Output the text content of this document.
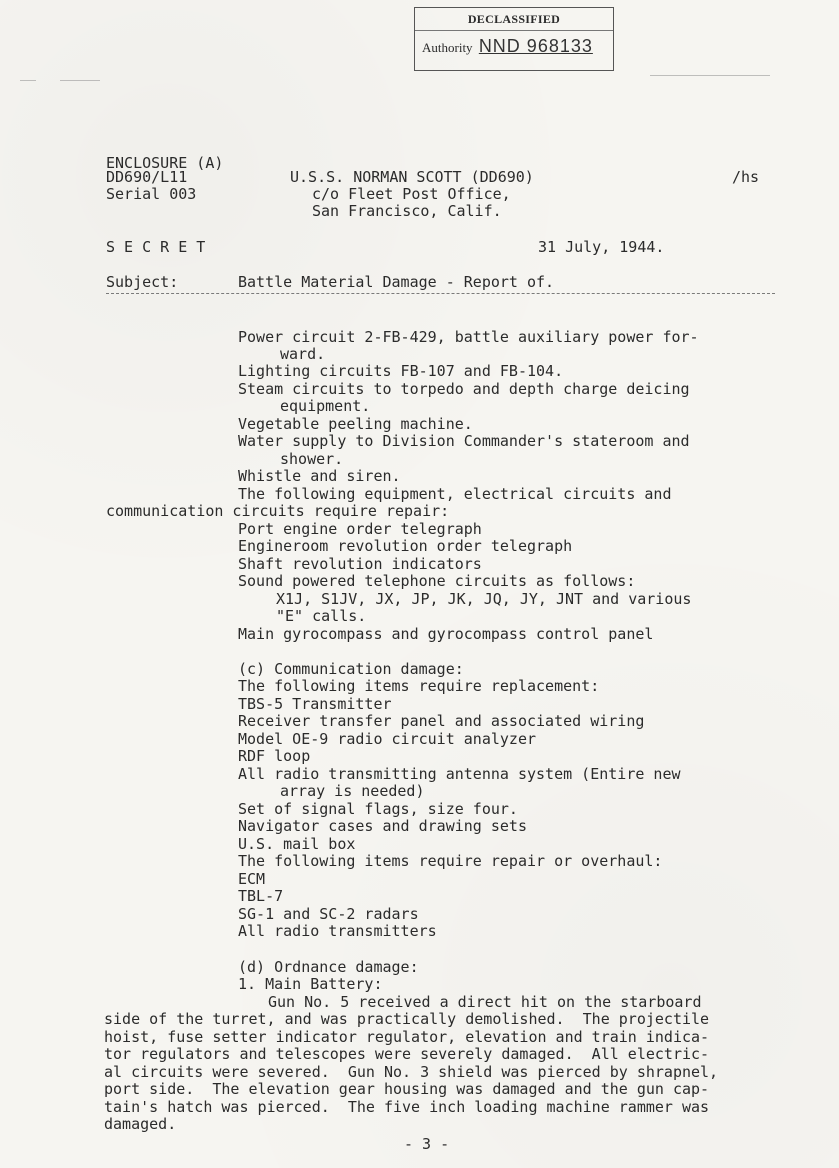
DECLASSIFIED
Authority NND 968133
ENCLOSURE (A)
DD690/L11
Serial 003
U.S.S. NORMAN SCOTT (DD690)
c/o Fleet Post Office,
San Francisco, Calif.
/hs
S E C R E T	31 July, 1944.
Subject:	Battle Material Damage - Report of.
Power circuit 2-FB-429, battle auxiliary power for-
ward.
Lighting circuits FB-107 and FB-104.
Steam circuits to torpedo and depth charge deicing
equipment.
Vegetable peeling machine.
Water supply to Division Commander's stateroom and
shower.
Whistle and siren.
The following equipment, electrical circuits and
communication circuits require repair:
Port engine order telegraph
Engineroom revolution order telegraph
Shaft revolution indicators
Sound powered telephone circuits as follows:
X1J, S1JV, JX, JP, JK, JQ, JY, JNT and various
"E" calls.
Main gyrocompass and gyrocompass control panel
(c) Communication damage:
The following items require replacement:
TBS-5 Transmitter
Receiver transfer panel and associated wiring
Model OE-9 radio circuit analyzer
RDF loop
All radio transmitting antenna system (Entire new
array is needed)
Set of signal flags, size four.
Navigator cases and drawing sets
U.S. mail box
The following items require repair or overhaul:
ECM
TBL-7
SG-1 and SC-2 radars
All radio transmitters
(d) Ordnance damage:
1. Main Battery:
Gun No. 5 received a direct hit on the starboard
side of the turret, and was practically demolished.  The projectile
hoist, fuse setter indicator regulator, elevation and train indica-
tor regulators and telescopes were severely damaged.  All electric-
al circuits were severed.  Gun No. 3 shield was pierced by shrapnel,
port side.  The elevation gear housing was damaged and the gun cap-
tain's hatch was pierced.  The five inch loading machine rammer was
damaged.
- 3 -
